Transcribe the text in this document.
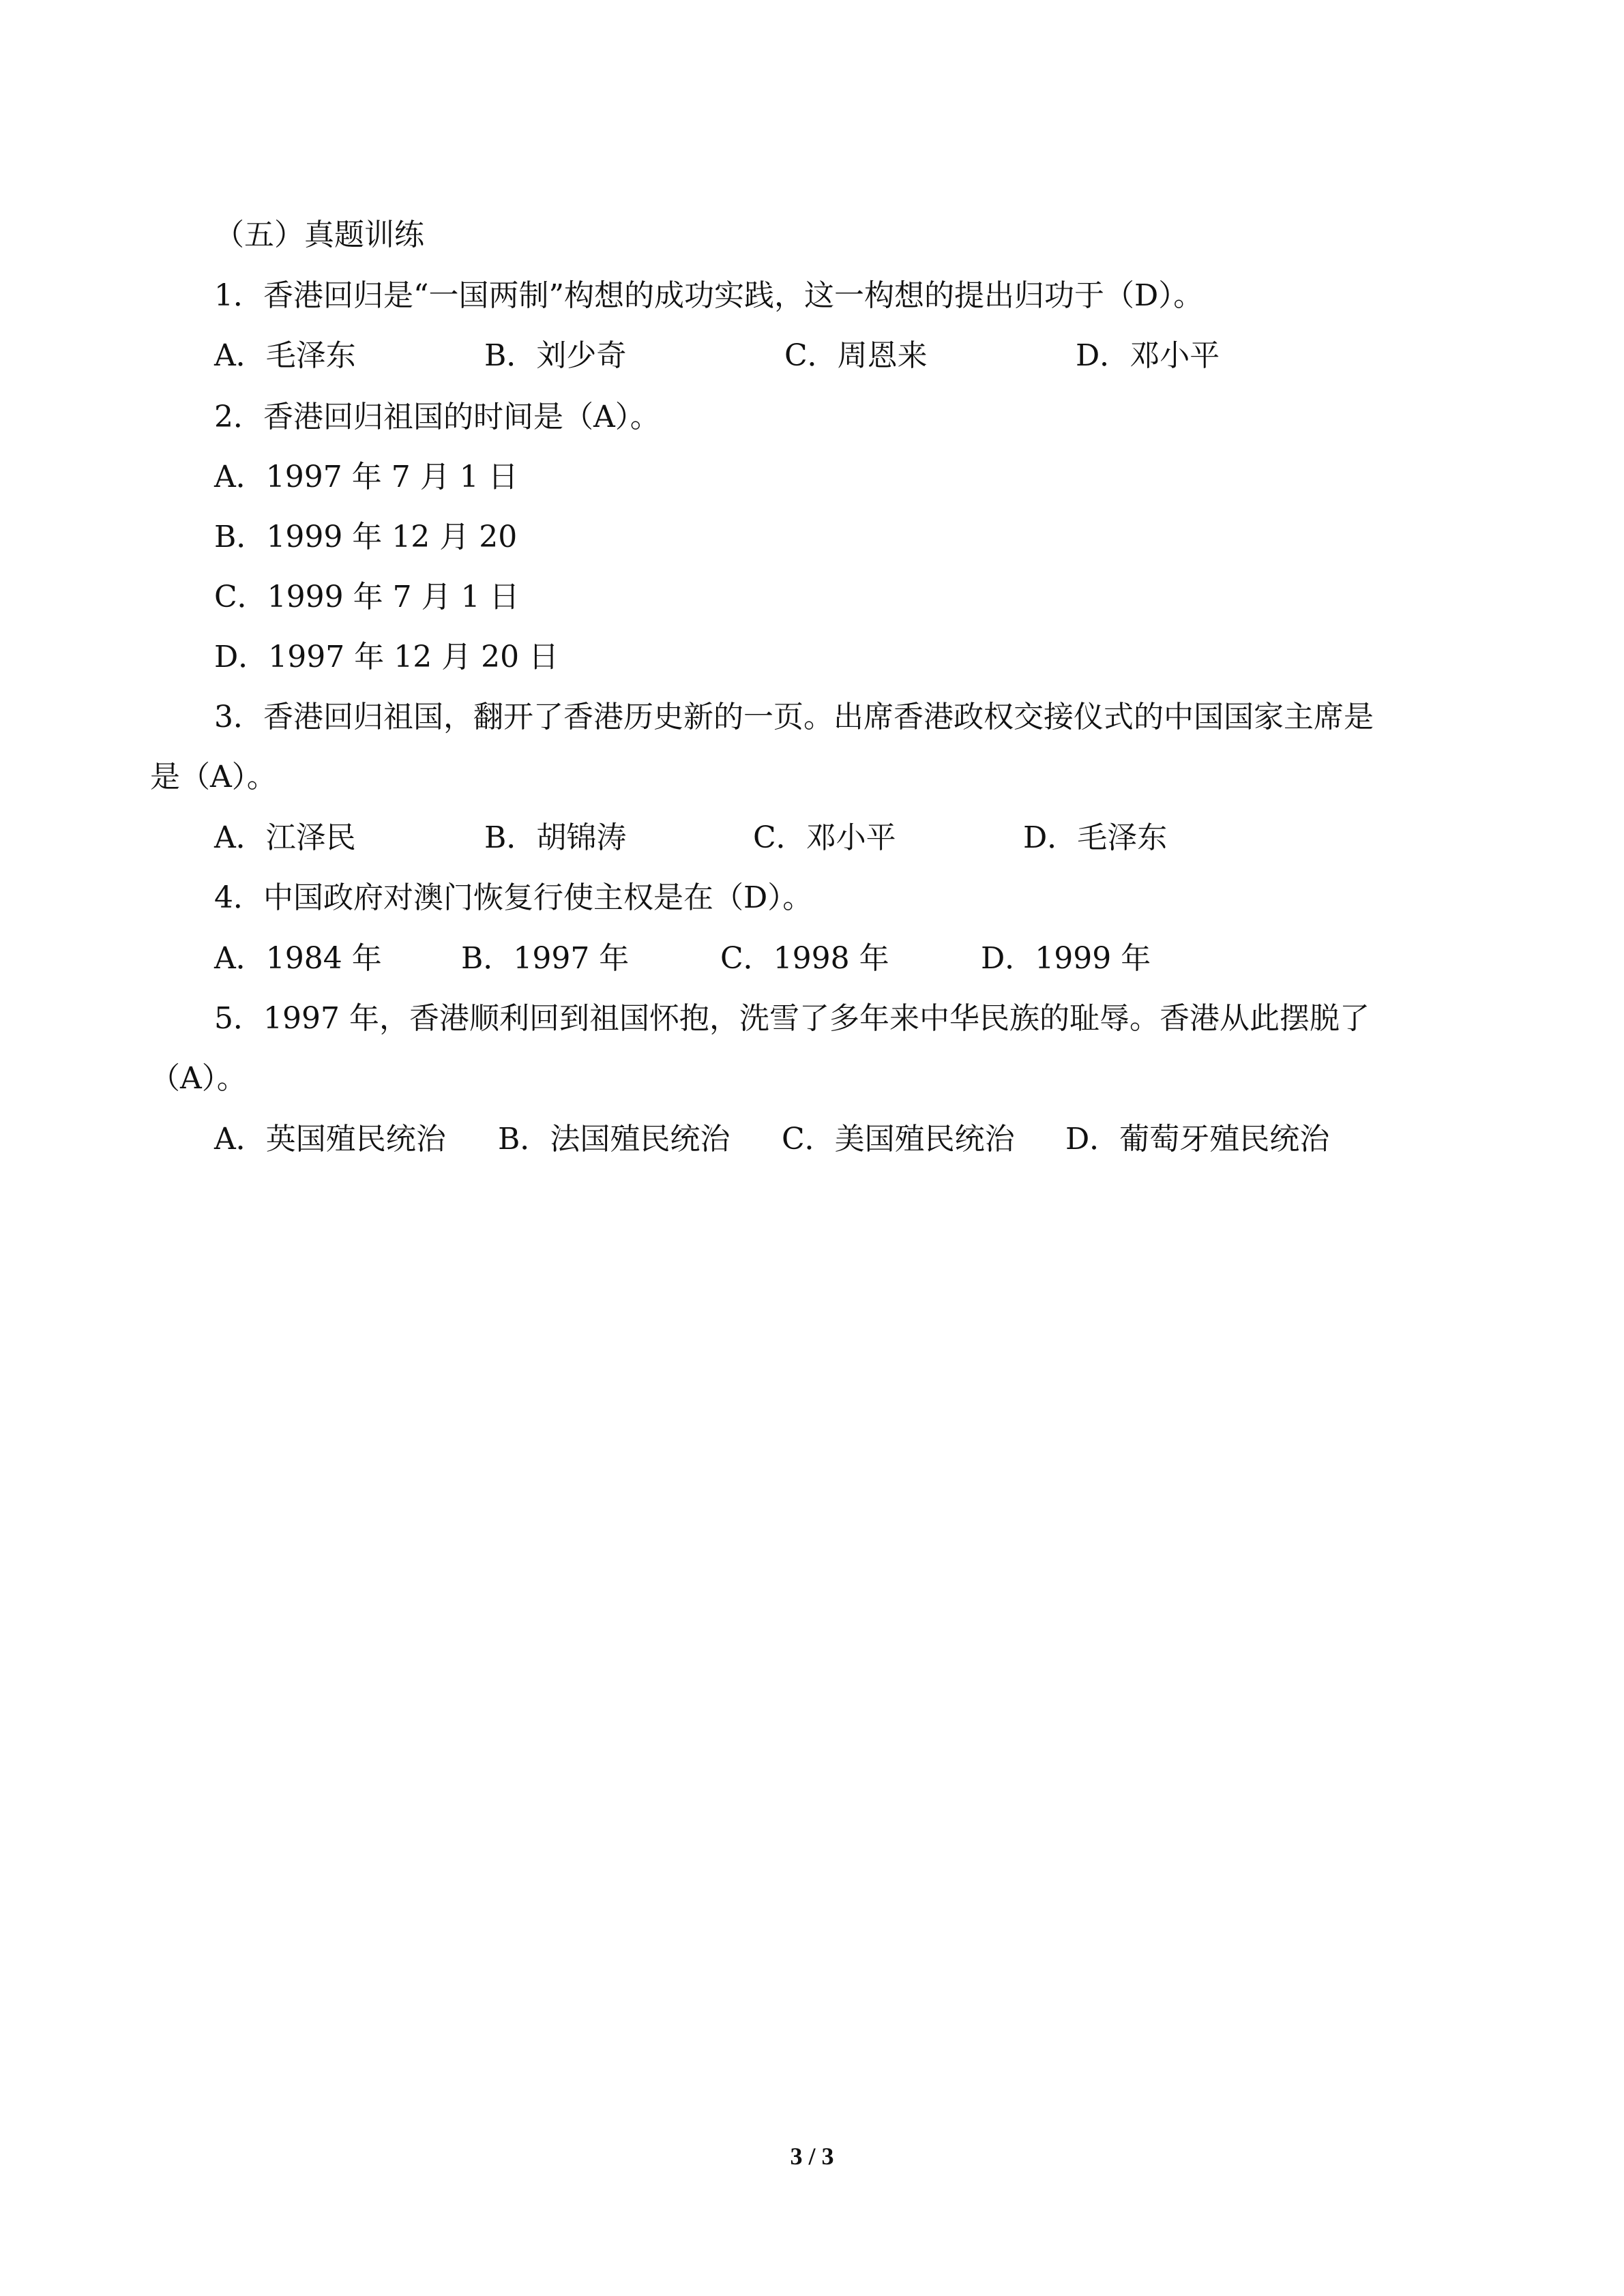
（五）真题训练
1．香港回归是“一国两制”构想的成功实践，这一构想的提出归功于（D）。
A．毛泽东	B．刘少奇	C．周恩来	D．邓小平
2．香港回归祖国的时间是（A）。
A．1997 年 7 月 1 日
B．1999 年 12 月 20
C．1999 年 7 月 1 日
D．1997 年 12 月 20 日
3．香港回归祖国，翻开了香港历史新的一页。出席香港政权交接仪式的中国国家主席是
是（A）。
A．江泽民	B．胡锦涛	C．邓小平	D．毛泽东
4．中国政府对澳门恢复行使主权是在（D）。
A．1984 年	B．1997 年	C．1998 年	D．1999 年
5．1997 年，香港顺利回到祖国怀抱，洗雪了多年来中华民族的耻辱。香港从此摆脱了
（A）。
A．英国殖民统治 B．法国殖民统治 C．美国殖民统治 D．葡萄牙殖民统治
3 / 3
